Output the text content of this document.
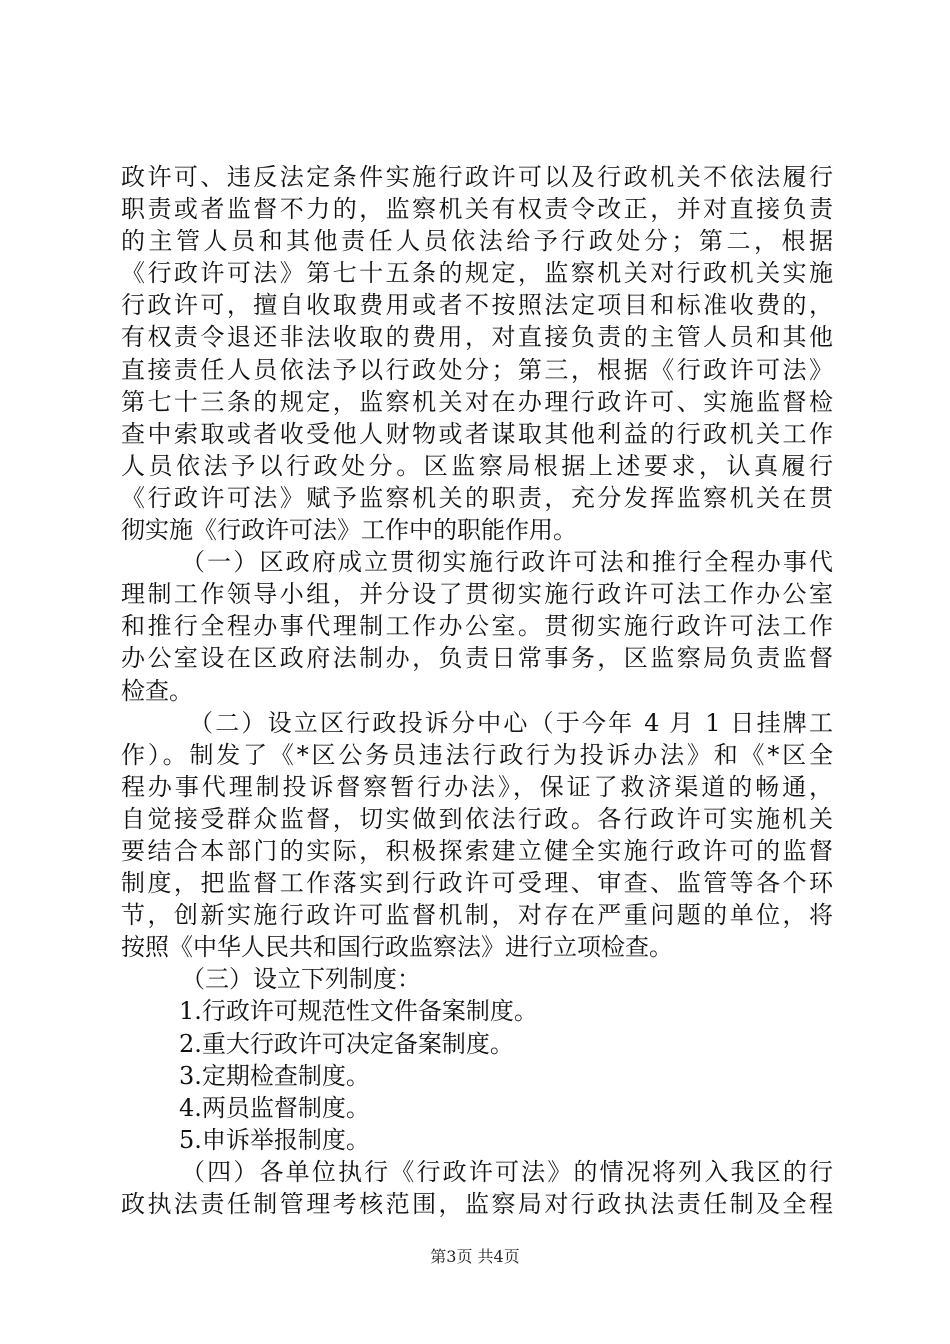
政许可、违反法定条件实施行政许可以及行政机关不依法履行
职责或者监督不力的，监察机关有权责令改正，并对直接负责
的主管人员和其他责任人员依法给予行政处分；第二，根据
《行政许可法》第七十五条的规定，监察机关对行政机关实施
行政许可，擅自收取费用或者不按照法定项目和标准收费的，
有权责令退还非法收取的费用，对直接负责的主管人员和其他
直接责任人员依法予以行政处分；第三，根据《行政许可法》
第七十三条的规定，监察机关对在办理行政许可、实施监督检
查中索取或者收受他人财物或者谋取其他利益的行政机关工作
人员依法予以行政处分。区监察局根据上述要求，认真履行
《行政许可法》赋予监察机关的职责，充分发挥监察机关在贯
彻实施《行政许可法》工作中的职能作用。
（一）区政府成立贯彻实施行政许可法和推行全程办事代
理制工作领导小组，并分设了贯彻实施行政许可法工作办公室
和推行全程办事代理制工作办公室。贯彻实施行政许可法工作
办公室设在区政府法制办，负责日常事务，区监察局负责监督
检查。
（二）设立区行政投诉分中心（于今年 4 月 1 日挂牌工
作）。制发了《*区公务员违法行政行为投诉办法》和《*区全
程办事代理制投诉督察暂行办法》，保证了救济渠道的畅通，
自觉接受群众监督，切实做到依法行政。各行政许可实施机关
要结合本部门的实际，积极探索建立健全实施行政许可的监督
制度，把监督工作落实到行政许可受理、审查、监管等各个环
节，创新实施行政许可监督机制，对存在严重问题的单位，将
按照《中华人民共和国行政监察法》进行立项检查。
（三）设立下列制度：
1.行政许可规范性文件备案制度。
2.重大行政许可决定备案制度。
3.定期检查制度。
4.两员监督制度。
5.申诉举报制度。
（四）各单位执行《行政许可法》的情况将列入我区的行
政执法责任制管理考核范围，监察局对行政执法责任制及全程
第3页 共4页
